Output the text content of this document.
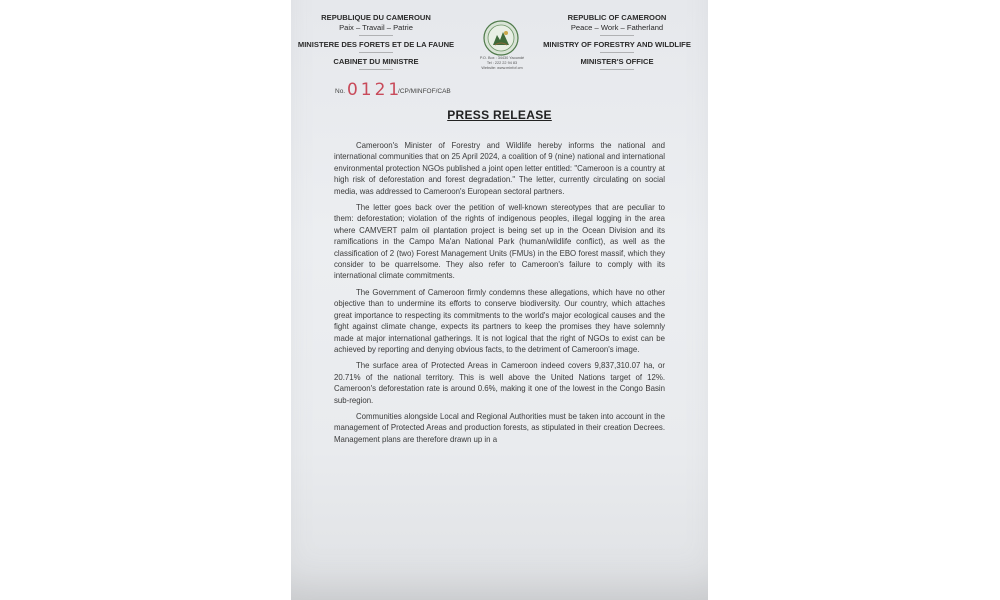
REPUBLIQUE DU CAMEROUN
Paix – Travail – Patrie
-----------------
MINISTERE DES FORETS ET DE LA FAUNE
-----------------
CABINET DU MINISTRE
-----------------
P.O. Box : 34430 Yaoundé
Tel : 222 22 94 83
Website: www.minfof.cm
REPUBLIC OF CAMEROON
Peace – Work – Fatherland
-----------------
MINISTRY OF FORESTRY AND WILDLIFE
-----------------
MINISTER'S OFFICE
-----------------
No. 0121 /CP/MINFOF/CAB
PRESS RELEASE

Cameroon's Minister of Forestry and Wildlife hereby informs the national and international communities that on 25 April 2024, a coalition of 9 (nine) national and international environmental protection NGOs published a joint open letter entitled: "Cameroon is a country at high risk of deforestation and forest degradation." The letter, currently circulating on social media, was addressed to Cameroon's European sectoral partners.

The letter goes back over the petition of well-known stereotypes that are peculiar to them: deforestation; violation of the rights of indigenous peoples, illegal logging in the area where CAMVERT palm oil plantation project is being set up in the Ocean Division and its ramifications in the Campo Ma'an National Park (human/wildlife conflict), as well as the classification of 2 (two) Forest Management Units (FMUs) in the EBO forest massif, which they consider to be quarrelsome. They also refer to Cameroon's failure to comply with its international climate commitments.

The Government of Cameroon firmly condemns these allegations, which have no other objective than to undermine its efforts to conserve biodiversity. Our country, which attaches great importance to respecting its commitments to the world's major ecological causes and the fight against climate change, expects its partners to keep the promises they have solemnly made at major international gatherings. It is not logical that the right of NGOs to exist can be achieved by reporting and denying obvious facts, to the detriment of Cameroon's image.

The surface area of Protected Areas in Cameroon indeed covers 9,837,310.07 ha, or 20.71% of the national territory. This is well above the United Nations target of 12%. Cameroon's deforestation rate is around 0.6%, making it one of the lowest in the Congo Basin sub-region.

Communities alongside Local and Regional Authorities must be taken into account in the management of Protected Areas and production forests, as stipulated in their creation Decrees. Management plans are therefore drawn up in a
